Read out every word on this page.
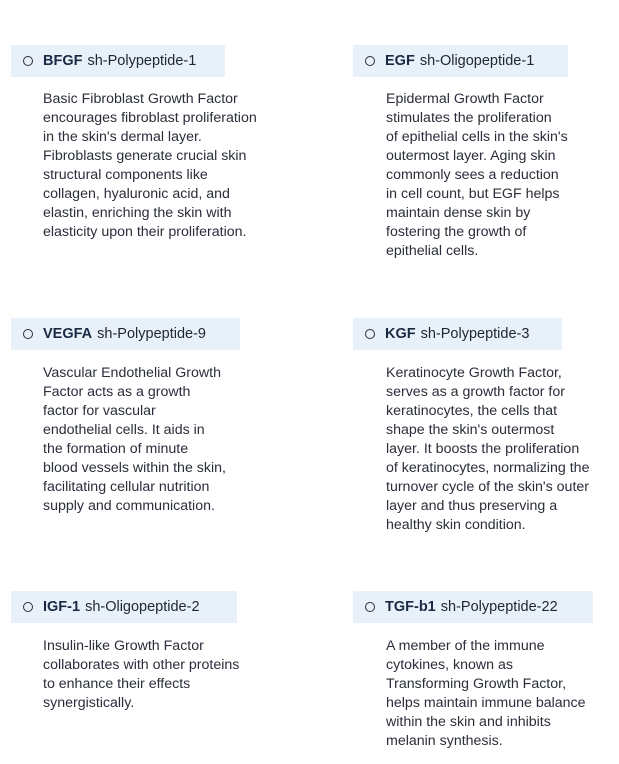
BFGF sh-Polypeptide-1

Basic Fibroblast Growth Factor
encourages fibroblast proliferation
in the skin's dermal layer.
Fibroblasts generate crucial skin
structural components like
collagen, hyaluronic acid, and
elastin, enriching the skin with
elasticity upon their proliferation.

EGF sh-Oligopeptide-1

Epidermal Growth Factor
stimulates the proliferation
of epithelial cells in the skin's
outermost layer. Aging skin
commonly sees a reduction
in cell count, but EGF helps
maintain dense skin by
fostering the growth of
epithelial cells.

VEGFA sh-Polypeptide-9

Vascular Endothelial Growth
Factor acts as a growth
factor for vascular
endothelial cells. It aids in
the formation of minute
blood vessels within the skin,
facilitating cellular nutrition
supply and communication.

KGF sh-Polypeptide-3

Keratinocyte Growth Factor,
serves as a growth factor for
keratinocytes, the cells that
shape the skin's outermost
layer. It boosts the proliferation
of keratinocytes, normalizing the
turnover cycle of the skin's outer
layer and thus preserving a
healthy skin condition.

IGF-1 sh-Oligopeptide-2

Insulin-like Growth Factor
collaborates with other proteins
to enhance their effects
synergistically.

TGF-b1 sh-Polypeptide-22

A member of the immune
cytokines, known as
Transforming Growth Factor,
helps maintain immune balance
within the skin and inhibits
melanin synthesis.
